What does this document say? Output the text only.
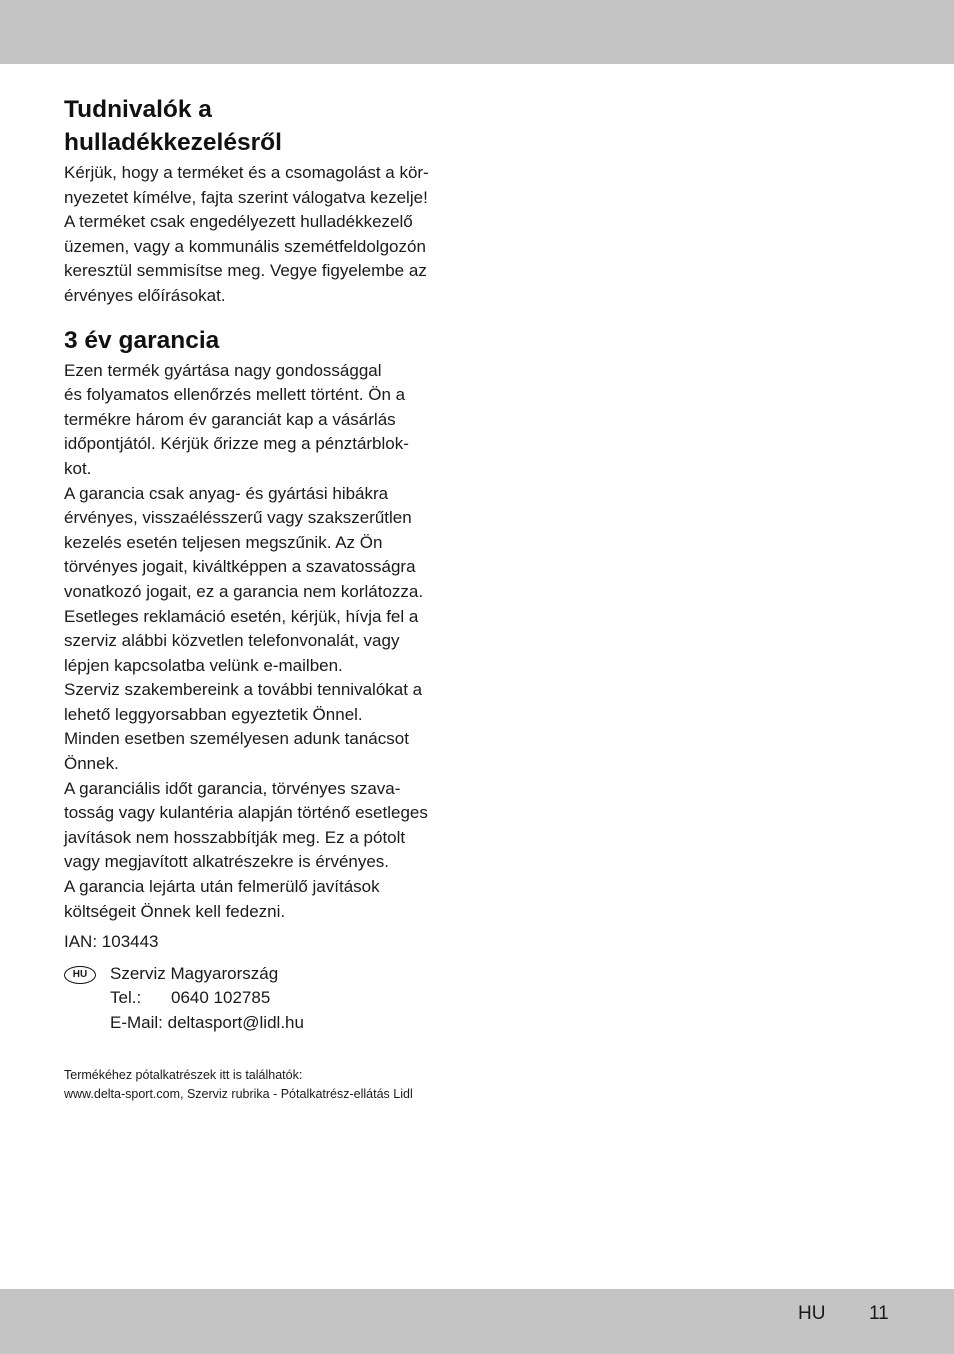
Tudnivalók a
hulladékkezelésről
Kérjük, hogy a terméket és a csomagolást a kör-
nyezetet kímélve, fajta szerint válogatva kezelje!
A terméket csak engedélyezett hulladékkezelő
üzemen, vagy a kommunális szemétfeldolgozón
keresztül semmisítse meg. Vegye figyelembe az
érvényes előírásokat.
3 év garancia
Ezen termék gyártása nagy gondossággal
és folyamatos ellenőrzés mellett történt. Ön a
termékre három év garanciát kap a vásárlás
időpontjától. Kérjük őrizze meg a pénztárblok-
kot.
A garancia csak anyag- és gyártási hibákra
érvényes, visszaélésszerű vagy szakszerűtlen
kezelés esetén teljesen megszűnik. Az Ön
törvényes jogait, kiváltképpen a szavatosságra
vonatkozó jogait, ez a garancia nem korlátozza.
Esetleges reklamáció esetén, kérjük, hívja fel a
szerviz alábbi közvetlen telefonvonalát, vagy
lépjen kapcsolatba velünk e-mailben.
Szerviz szakembereink a további tennivalókat a
lehető leggyorsabban egyeztetik Önnel.
Minden esetben személyesen adunk tanácsot
Önnek.
A garanciális időt garancia, törvényes szava-
tosság vagy kulantéria alapján történő esetleges
javítások nem hosszabbítják meg. Ez a pótolt
vagy megjavított alkatrészekre is érvényes.
A garancia lejárta után felmerülő javítások
költségeit Önnek kell fedezni.
IAN: 103443
HU	Szerviz Magyarország
Tel.: 0640 102785
E-Mail: deltasport@lidl.hu
Termékéhez pótalkatrészek itt is találhatók:
www.delta-sport.com, Szerviz rubrika - Pótalkatrész-ellátás Lidl
HU 11
